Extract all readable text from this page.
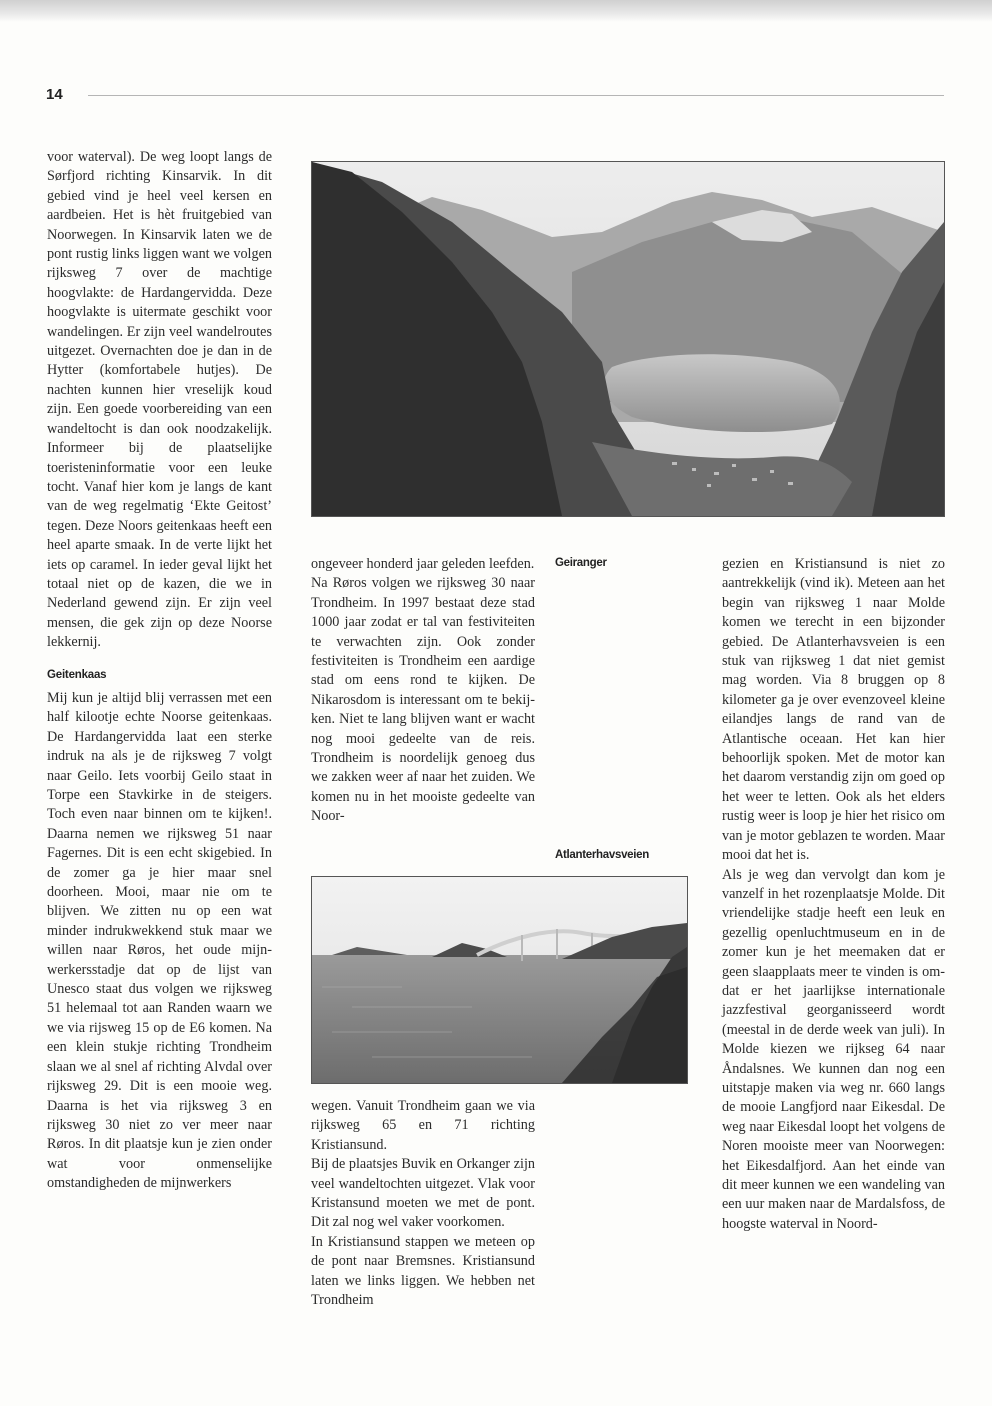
14

voor waterval). De weg loopt langs de Sørfjord richting Kinsarvik. In dit gebied vind je heel veel kersen en aardbeien. Het is hèt fruitgebied van Noorwegen. In Kinsarvik laten we de pont rustig links liggen want we volgen rijksweg 7 over de machtige hoogvlakte: de Hardangervidda. Deze hoogvlakte is uitermate geschikt voor wandelingen. Er zijn veel wandelroutes uitgezet. Overnachten doe je dan in de Hytter (komfortabele hutjes). De nachten kunnen hier vreselijk koud zijn. Een goede voorbereiding van een wandeltocht is dan ook noodzakelijk. Informeer bij de plaatselijke toeristeninformatie voor een leuke tocht. Vanaf hier kom je langs de kant van de weg regelmatig ‘Ekte Geitost’ tegen. Deze Noors geitenkaas heeft een heel aparte smaak. In de verte lijkt het iets op caramel. In ieder geval lijkt het totaal niet op de kazen, die we in Nederland gewend zijn. Er zijn veel mensen, die gek zijn op deze Noorse lekkernij.

Geitenkaas

Mij kun je altijd blij verrassen met een half kilootje echte Noorse geitenkaas. De Hardangervidda laat een sterke indruk na als je de rijksweg 7 volgt naar Geilo. Iets voorbij Geilo staat in Torpe een Stavkirke in de steigers. Toch even naar binnen om te kijken!. Daarna nemen we rijksweg 51 naar Fagernes. Dit is een echt skigebied. In de zomer ga je hier maar snel doorheen. Mooi, maar nie om te blijven. We zitten nu op een wat minder indrukwekkend stuk maar we willen naar Røros, het oude mijnwerkersstadje dat op de lijst van Unesco staat dus volgen we rijksweg 51 helemaal tot aan Randen waarn we we via rijsweg 15 op de E6 komen. Na een klein stukje richting Trondheim slaan we al snel af richting Alvdal over rijksweg 29. Dit is een mooie weg. Daarna is het via rijksweg 3 en rijksweg 30 niet zo ver meer naar Røros. In dit plaatsje kun je zien onder wat voor onmenselijke omstandigheden de mijnwerkers

ongeveer honderd jaar geleden leefden.

Na Røros volgen we rijksweg 30 naar Trondheim. In 1997 bestaat deze stad 1000 jaar zodat er tal van festiviteiten te verwachten zijn. Ook zonder festiviteiten is Trondheim een aardige stad om eens rond te kijken. De Nikarosdom is interessant om te bekijken. Niet te lang blijven want er wacht nog mooi gedeelte van de reis. Trondheim is noordelijk genoeg dus we zakken weer af naar het zuiden. We komen nu in het mooiste gedeelte van Noor-

Geiranger
Atlanterhavsveien

wegen. Vanuit Trondheim gaan we via rijksweg 65 en 71 richting Kristiansund.

Bij de plaatsjes Buvik en Orkanger zijn veel wandeltochten uitgezet. Vlak voor Kristansund moeten we met de pont. Dit zal nog wel vaker voorkomen.

In Kristiansund stappen we meteen op de pont naar Bremsnes. Kristiansund laten we links liggen. We hebben net Trondheim

gezien en Kristiansund is niet zo aantrekkelijk (vind ik). Meteen aan het begin van rijksweg 1 naar Molde komen we terecht in een bijzonder gebied. De Atlanterhavsveien is een stuk van rijksweg 1 dat niet gemist mag worden. Via 8 bruggen op 8 kilometer ga je over evenzoveel kleine eilandjes langs de rand van de Atlantische oceaan. Het kan hier behoorlijk spoken. Met de motor kan het daarom verstandig zijn om goed op het weer te letten. Ook als het elders rustig weer is loop je hier het risico om van je motor geblazen te worden. Maar mooi dat het is.

Als je weg dan vervolgt dan kom je vanzelf in het rozenplaatsje Molde. Dit vriendelijke stadje heeft een leuk en gezellig openluchtmuseum en in de zomer kun je het meemaken dat er geen slaapplaats meer te vinden is omdat er het jaarlijkse internationale jazzfestival georganisseerd wordt (meestal in de derde week van juli). In Molde kiezen we rijkseg 64 naar Åndalsnes. We kunnen dan nog een uitstapje maken via weg nr. 660 langs de mooie Langfjord naar Eikesdal. De weg naar Eikesdal loopt het volgens de Noren mooiste meer van Noorwegen: het Eikesdalfjord. Aan het einde van dit meer kunnen we een wandeling van een uur maken naar de Mardalsfoss, de hoogste waterval in Noord-
